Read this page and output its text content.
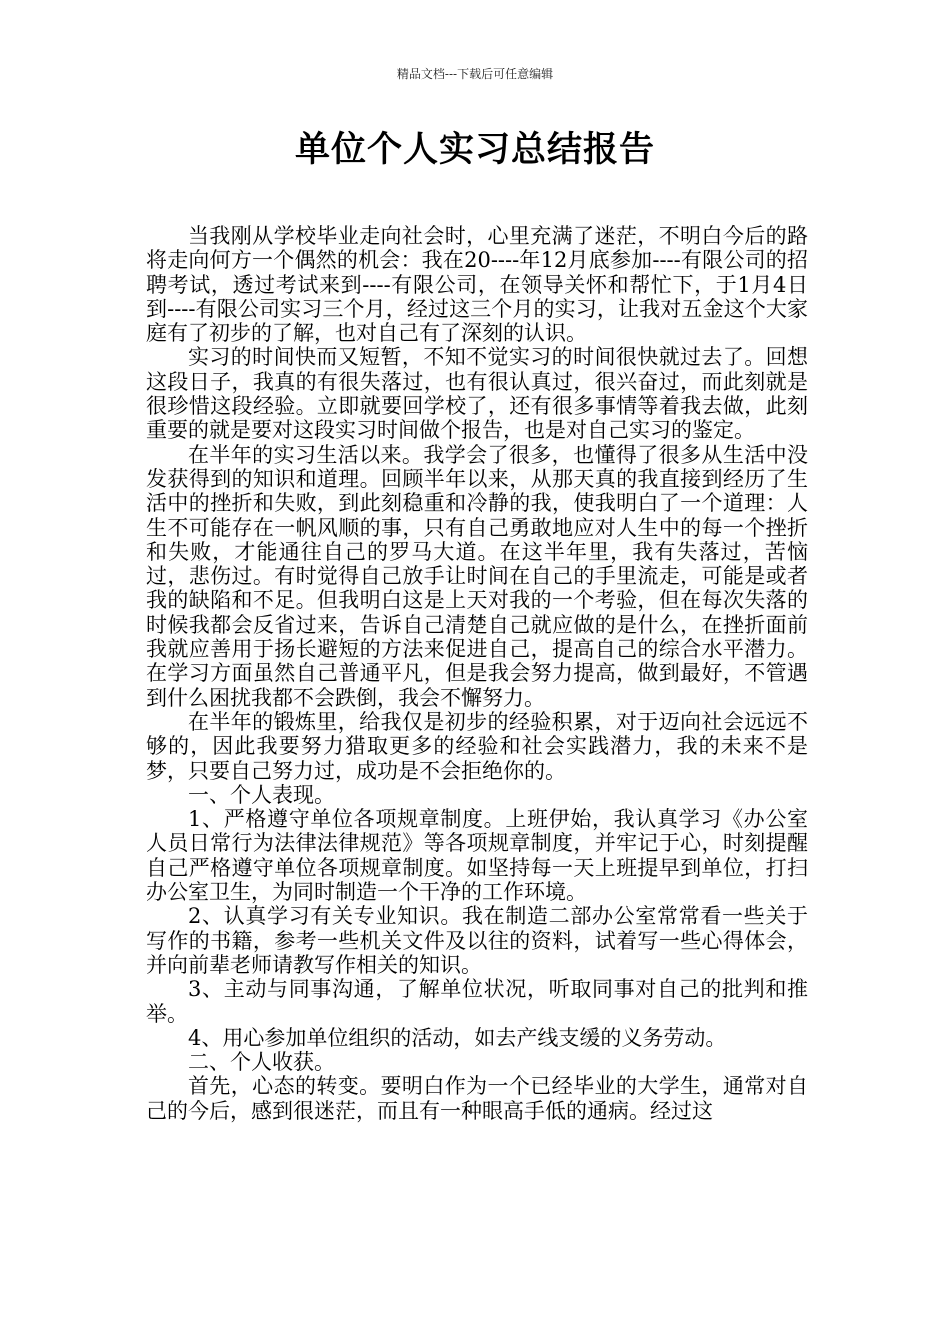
精品文档---下载后可任意编辑
单位个人实习总结报告

当我刚从学校毕业走向社会时，心里充满了迷茫，不明白今后的路将走向何方一个偶然的机会：我在20----年12月底参加----有限公司的招聘考试，透过考试来到----有限公司，在领导关怀和帮忙下，于1月4日到----有限公司实习三个月，经过这三个月的实习，让我对五金这个大家庭有了初步的了解，也对自己有了深刻的认识。

实习的时间快而又短暂，不知不觉实习的时间很快就过去了。回想这段日子，我真的有很失落过，也有很认真过，很兴奋过，而此刻就是很珍惜这段经验。立即就要回学校了，还有很多事情等着我去做，此刻重要的就是要对这段实习时间做个报告，也是对自己实习的鉴定。

在半年的实习生活以来。我学会了很多，也懂得了很多从生活中没发获得到的知识和道理。回顾半年以来，从那天真的我直接到经历了生活中的挫折和失败，到此刻稳重和冷静的我，使我明白了一个道理：人生不可能存在一帆风顺的事，只有自己勇敢地应对人生中的每一个挫折和失败，才能通往自己的罗马大道。在这半年里，我有失落过，苦恼过，悲伤过。有时觉得自己放手让时间在自己的手里流走，可能是或者我的缺陷和不足。但我明白这是上天对我的一个考验，但在每次失落的时候我都会反省过来，告诉自己清楚自己就应做的是什么，在挫折面前我就应善用于扬长避短的方法来促进自己，提高自己的综合水平潜力。在学习方面虽然自己普通平凡，但是我会努力提高，做到最好，不管遇到什么困扰我都不会跌倒，我会不懈努力。

在半年的锻炼里，给我仅是初步的经验积累，对于迈向社会远远不够的，因此我要努力猎取更多的经验和社会实践潜力，我的未来不是梦，只要自己努力过，成功是不会拒绝你的。

一、个人表现。

1、严格遵守单位各项规章制度。上班伊始，我认真学习《办公室人员日常行为法律法律规范》等各项规章制度，并牢记于心，时刻提醒自己严格遵守单位各项规章制度。如坚持每一天上班提早到单位，打扫办公室卫生，为同时制造一个干净的工作环境。

2、认真学习有关专业知识。我在制造二部办公室常常看一些关于写作的书籍，参考一些机关文件及以往的资料，试着写一些心得体会，并向前辈老师请教写作相关的知识。

3、主动与同事沟通，了解单位状况，听取同事对自己的批判和推举。

4、用心参加单位组织的活动，如去产线支缓的义务劳动。

二、个人收获。

首先，心态的转变。要明白作为一个已经毕业的大学生，通常对自己的今后，感到很迷茫，而且有一种眼高手低的通病。经过这
